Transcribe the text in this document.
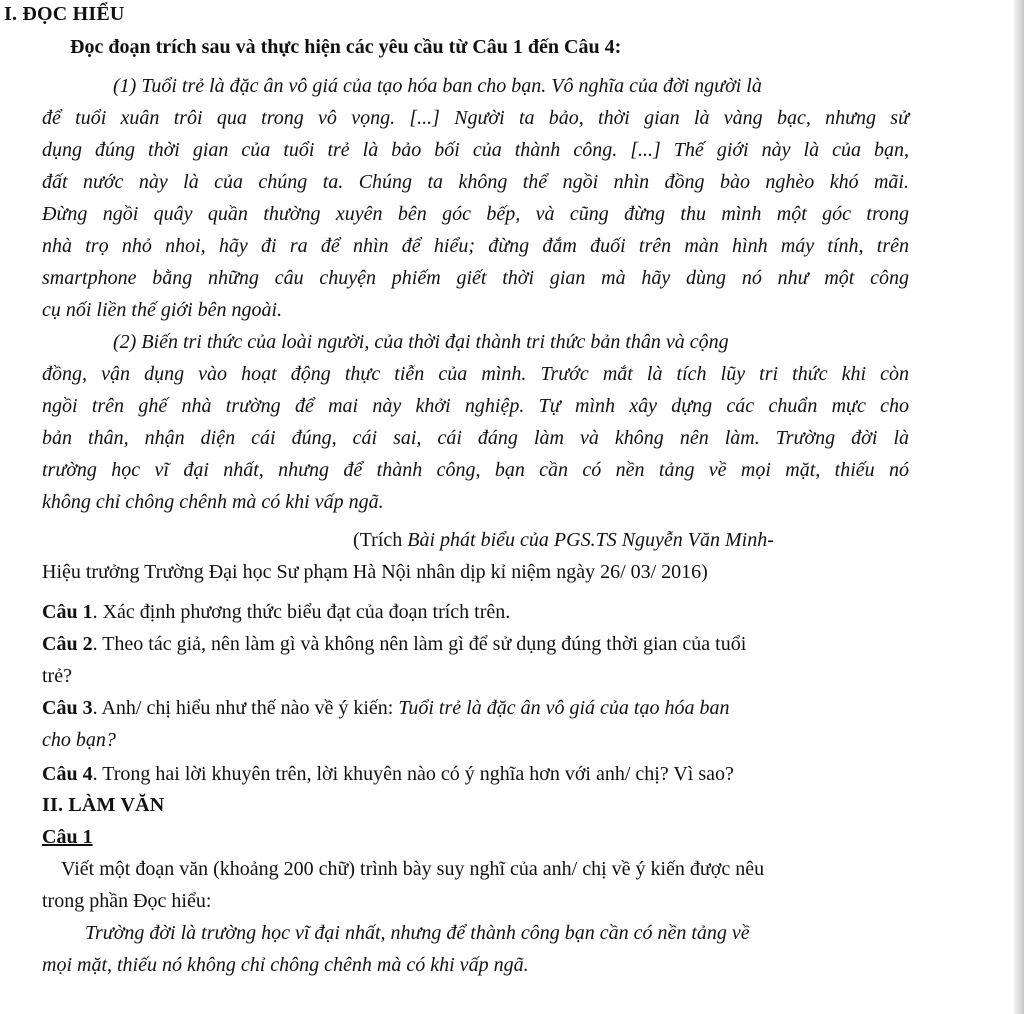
I. ĐỌC HIỂU
Đọc đoạn trích sau và thực hiện các yêu cầu từ Câu 1 đến Câu 4:
(1) Tuổi trẻ là đặc ân vô giá của tạo hóa ban cho bạn. Vô nghĩa của đời người là
để tuổi xuân trôi qua trong vô vọng. [...] Người ta bảo, thời gian là vàng bạc, nhưng sử
dụng đúng thời gian của tuổi trẻ là bảo bối của thành công. [...] Thế giới này là của bạn,
đất nước này là của chúng ta. Chúng ta không thể ngồi nhìn đồng bào nghèo khó mãi.
Đừng ngồi quây quần thường xuyên bên góc bếp, và cũng đừng thu mình một góc trong
nhà trọ nhỏ nhoi, hãy đi ra để nhìn để hiểu; đừng đắm đuối trên màn hình máy tính, trên
smartphone bằng những câu chuyện phiếm giết thời gian mà hãy dùng nó như một công
cụ nối liền thế giới bên ngoài.
(2) Biến tri thức của loài người, của thời đại thành tri thức bản thân và cộng
đồng, vận dụng vào hoạt động thực tiễn của mình. Trước mắt là tích lũy tri thức khi còn
ngồi trên ghế nhà trường để mai này khởi nghiệp. Tự mình xây dựng các chuẩn mực cho
bản thân, nhận diện cái đúng, cái sai, cái đáng làm và không nên làm. Trường đời là
trường học vĩ đại nhất, nhưng để thành công, bạn cần có nền tảng về mọi mặt, thiếu nó
không chỉ chông chênh mà có khi vấp ngã.
(Trích Bài phát biểu của PGS.TS Nguyễn Văn Minh-
Hiệu trưởng Trường Đại học Sư phạm Hà Nội nhân dịp kỉ niệm ngày 26/ 03/ 2016)
Câu 1. Xác định phương thức biểu đạt của đoạn trích trên.
Câu 2. Theo tác giả, nên làm gì và không nên làm gì để sử dụng đúng thời gian của tuổi
trẻ?
Câu 3. Anh/ chị hiểu như thế nào về ý kiến: Tuổi trẻ là đặc ân vô giá của tạo hóa ban
cho bạn?
Câu 4. Trong hai lời khuyên trên, lời khuyên nào có ý nghĩa hơn với anh/ chị? Vì sao?
II. LÀM VĂN
Câu 1
Viết một đoạn văn (khoảng 200 chữ) trình bày suy nghĩ của anh/ chị về ý kiến được nêu
trong phần Đọc hiểu:
Trường đời là trường học vĩ đại nhất, nhưng để thành công bạn cần có nền tảng về
mọi mặt, thiếu nó không chỉ chông chênh mà có khi vấp ngã.
